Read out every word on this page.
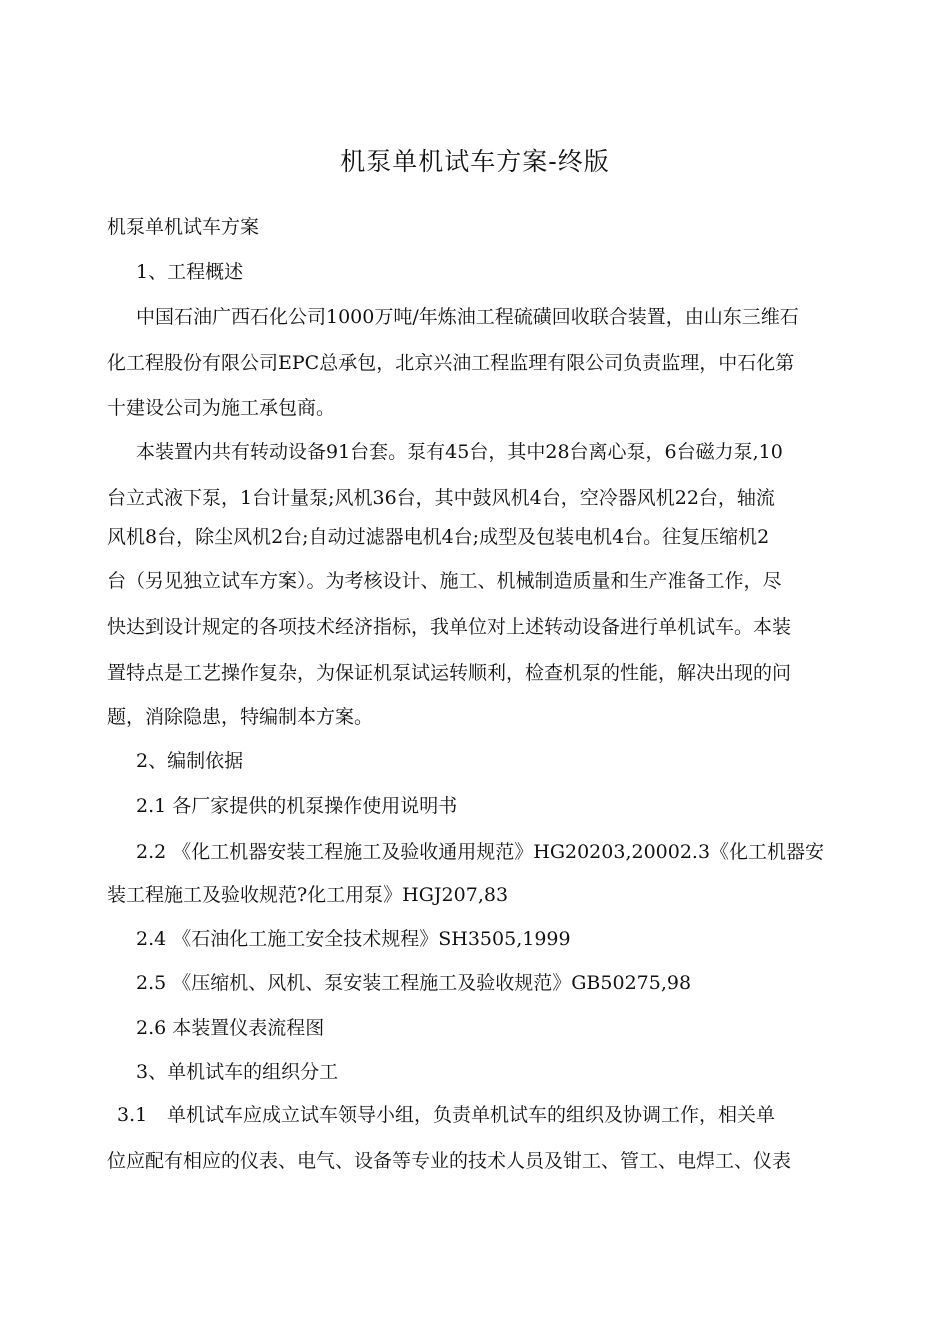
机泵单机试车方案-终版
机泵单机试车方案
1、工程概述
中国石油广西石化公司1000万吨/年炼油工程硫磺回收联合装置，由山东三维石
化工程股份有限公司EPC总承包，北京兴油工程监理有限公司负责监理，中石化第
十建设公司为施工承包商。
本装置内共有转动设备91台套。泵有45台，其中28台离心泵，6台磁力泵,10
台立式液下泵，1台计量泵;风机36台，其中鼓风机4台，空冷器风机22台，轴流
风机8台，除尘风机2台;自动过滤器电机4台;成型及包装电机4台。往复压缩机2
台（另见独立试车方案）。为考核设计、施工、机械制造质量和生产准备工作，尽
快达到设计规定的各项技术经济指标，我单位对上述转动设备进行单机试车。本装
置特点是工艺操作复杂，为保证机泵试运转顺利，检查机泵的性能，解决出现的问
题，消除隐患，特编制本方案。
2、编制依据
2.1 各厂家提供的机泵操作使用说明书
2.2 《化工机器安装工程施工及验收通用规范》HG20203,20002.3《化工机器安
装工程施工及验收规范?化工用泵》HGJ207,83
2.4 《石油化工施工安全技术规程》SH3505,1999
2.5 《压缩机、风机、泵安装工程施工及验收规范》GB50275,98
2.6 本装置仪表流程图
3、单机试车的组织分工
3.1 单机试车应成立试车领导小组，负责单机试车的组织及协调工作，相关单
位应配有相应的仪表、电气、设备等专业的技术人员及钳工、管工、电焊工、仪表
